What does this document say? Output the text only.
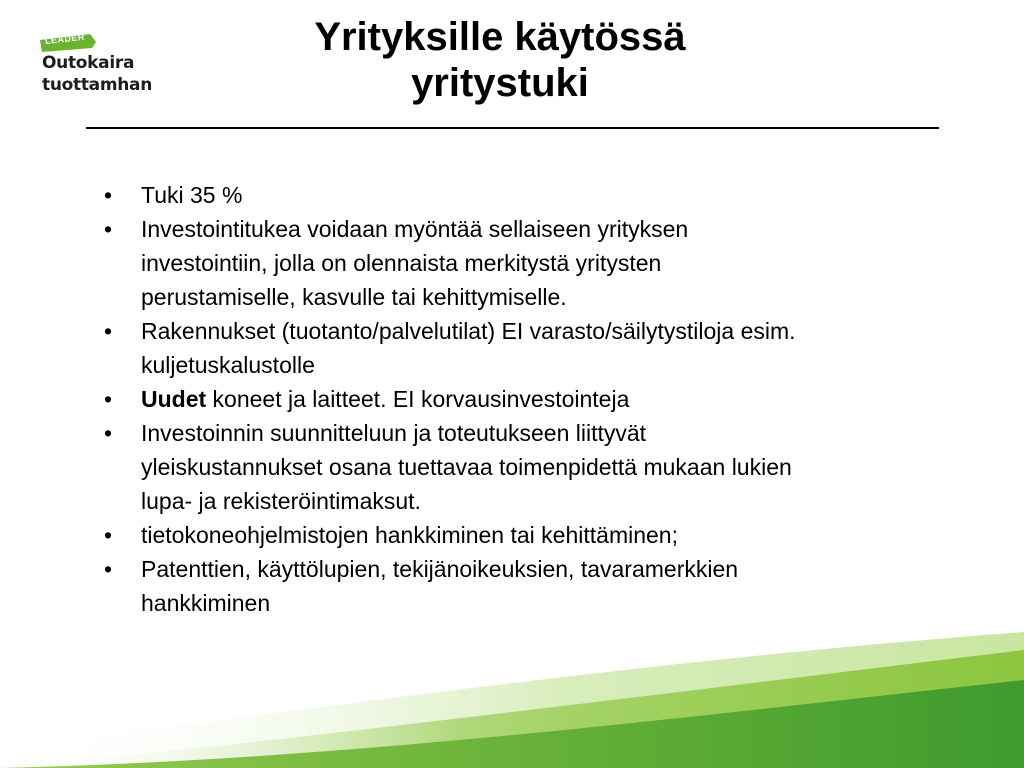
LEADER
Outokaira
tuottamhan
Yrityksille käytössä
yritystuki
• Tuki 35 %
• Investointitukea voidaan myöntää sellaiseen yrityksen
investointiin, jolla on olennaista merkitystä yritysten
perustamiselle, kasvulle tai kehittymiselle.
• Rakennukset (tuotanto/palvelutilat) EI varasto/säilytystiloja esim.
kuljetuskalustolle
• Uudet koneet ja laitteet. EI korvausinvestointeja
• Investoinnin suunnitteluun ja toteutukseen liittyvät
yleiskustannukset osana tuettavaa toimenpidettä mukaan lukien
lupa- ja rekisteröintimaksut.
• tietokoneohjelmistojen hankkiminen tai kehittäminen;
• Patenttien, käyttölupien, tekijänoikeuksien, tavaramerkkien
hankkiminen
